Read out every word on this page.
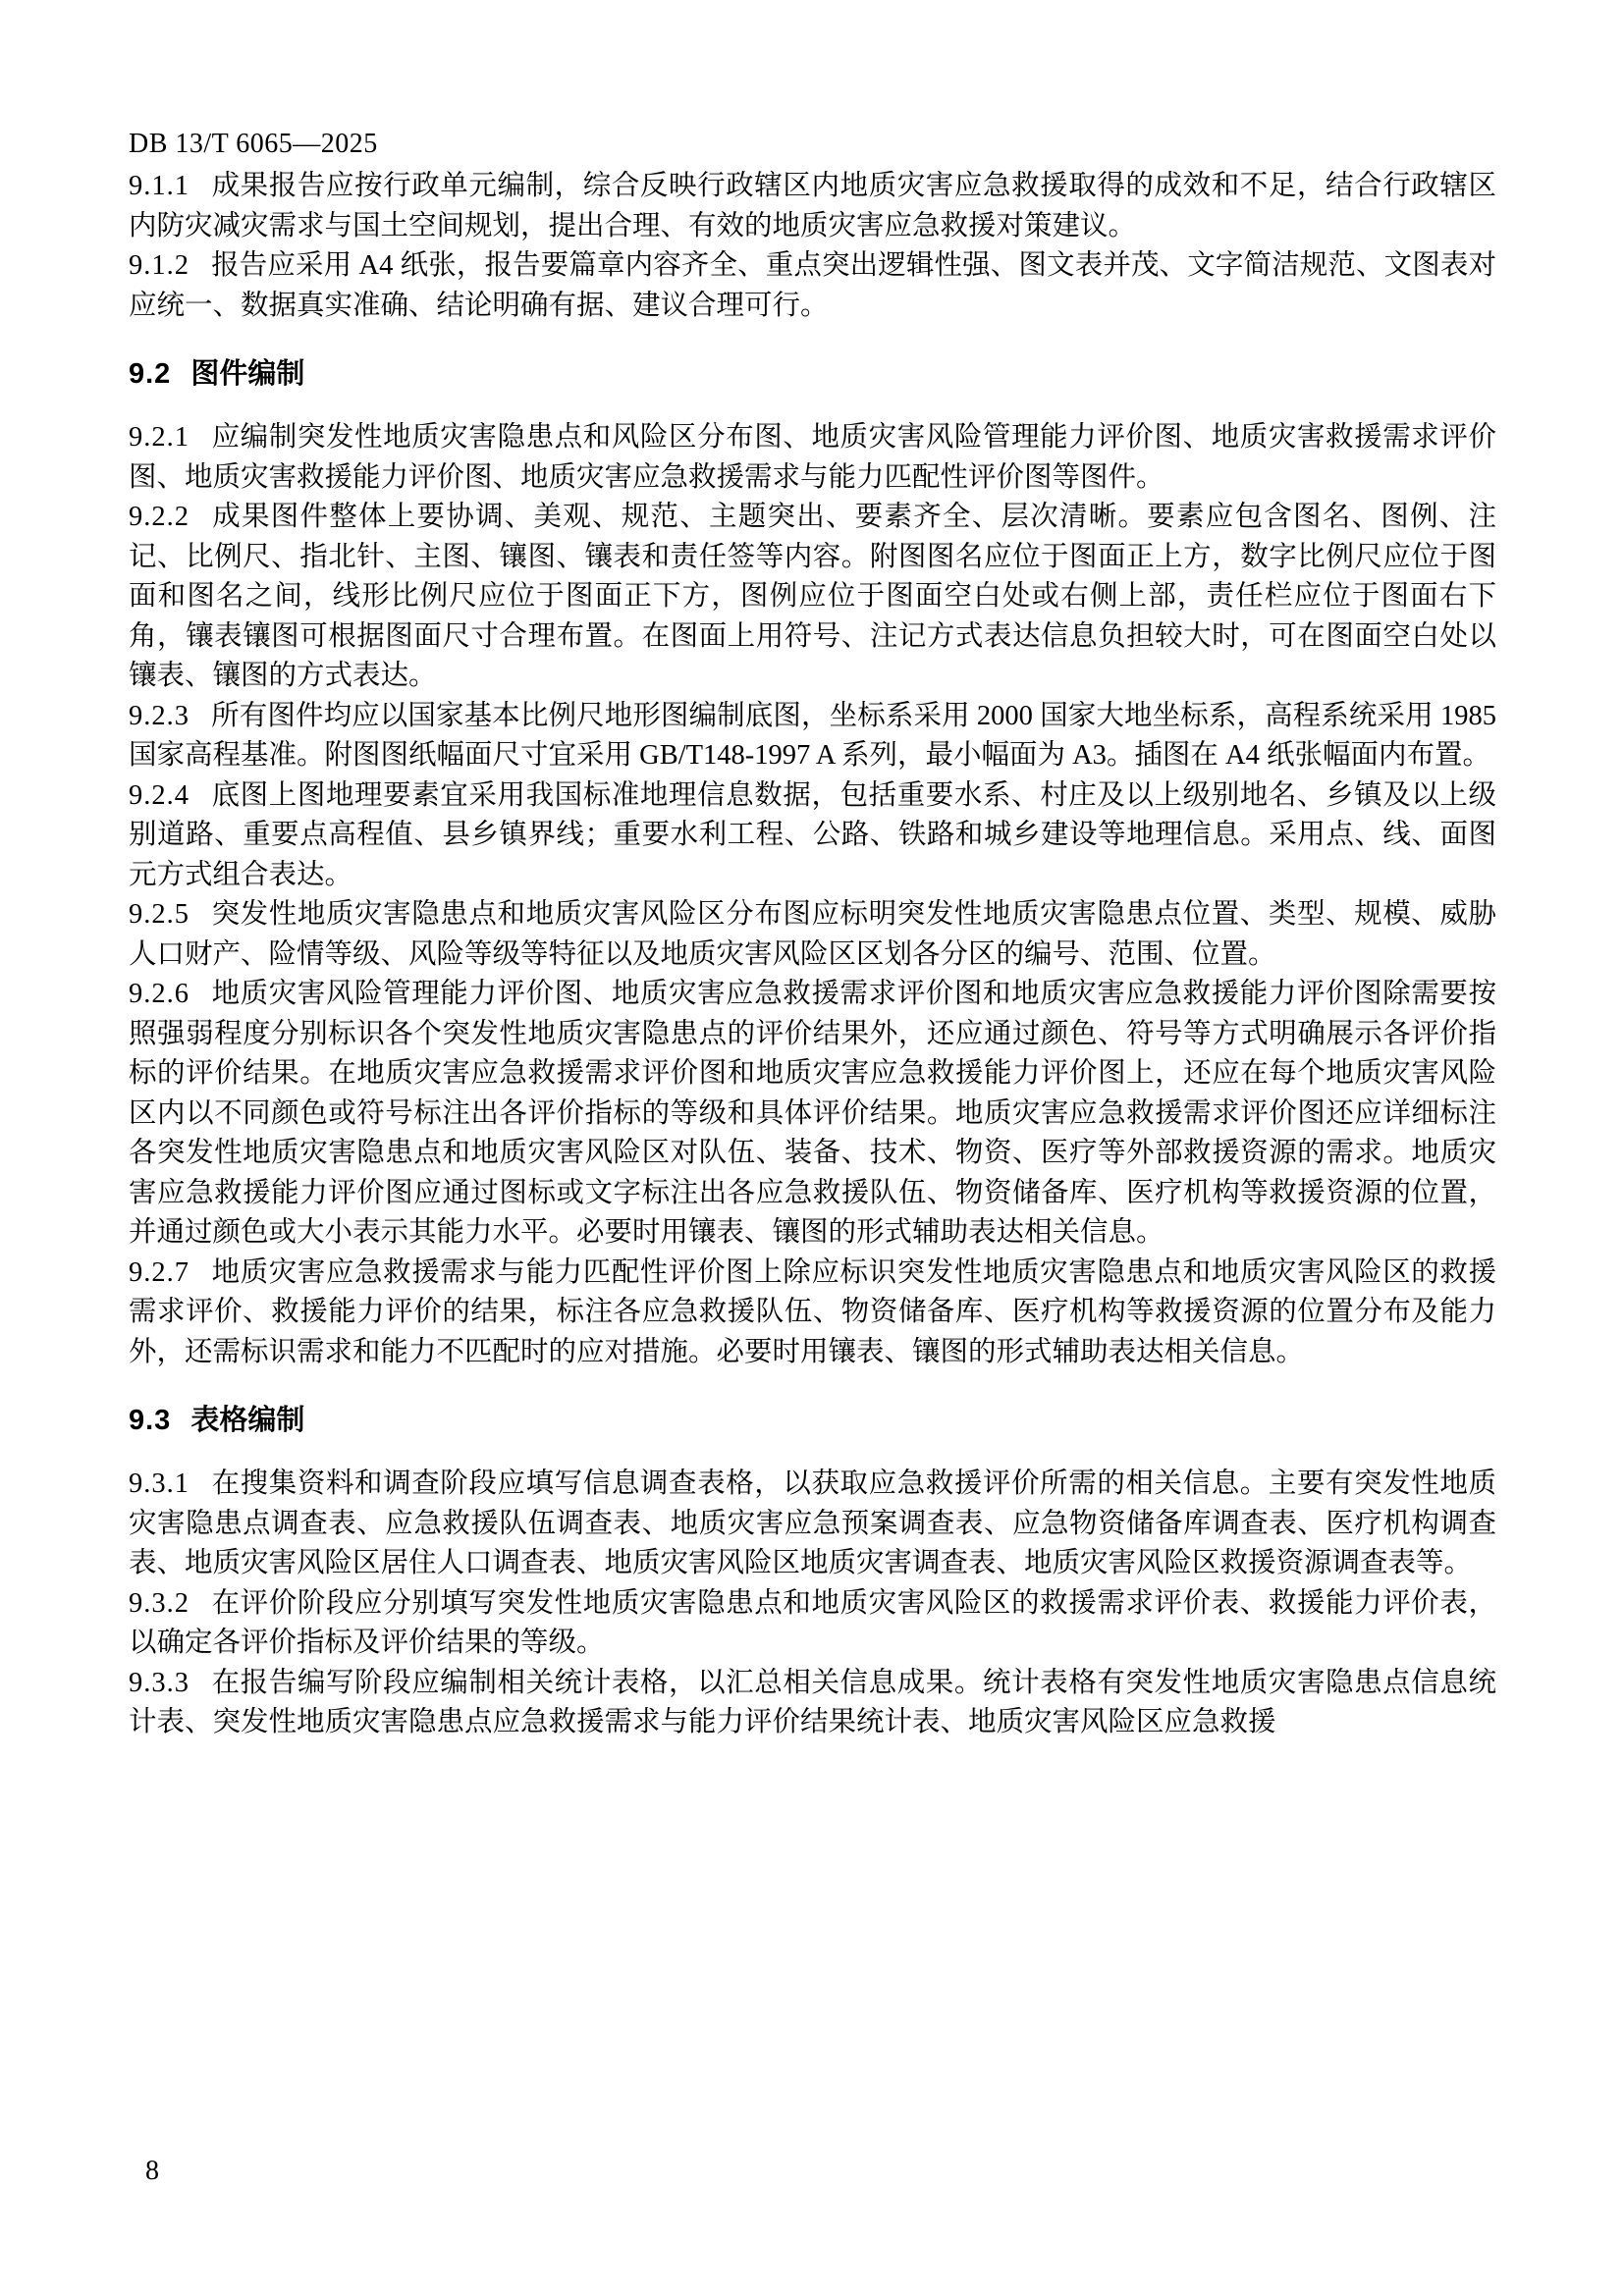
DB 13/T 6065—2025

9.1.1 成果报告应按行政单元编制，综合反映行政辖区内地质灾害应急救援取得的成效和不足，结合行政辖区内防灾减灾需求与国土空间规划，提出合理、有效的地质灾害应急救援对策建议。

9.1.2 报告应采用 A4 纸张，报告要篇章内容齐全、重点突出逻辑性强、图文表并茂、文字简洁规范、文图表对应统一、数据真实准确、结论明确有据、建议合理可行。

9.2 图件编制

9.2.1 应编制突发性地质灾害隐患点和风险区分布图、地质灾害风险管理能力评价图、地质灾害救援需求评价图、地质灾害救援能力评价图、地质灾害应急救援需求与能力匹配性评价图等图件。

9.2.2 成果图件整体上要协调、美观、规范、主题突出、要素齐全、层次清晰。要素应包含图名、图例、注记、比例尺、指北针、主图、镶图、镶表和责任签等内容。附图图名应位于图面正上方，数字比例尺应位于图面和图名之间，线形比例尺应位于图面正下方，图例应位于图面空白处或右侧上部，责任栏应位于图面右下角，镶表镶图可根据图面尺寸合理布置。在图面上用符号、注记方式表达信息负担较大时，可在图面空白处以镶表、镶图的方式表达。

9.2.3 所有图件均应以国家基本比例尺地形图编制底图，坐标系采用 2000 国家大地坐标系，高程系统采用 1985 国家高程基准。附图图纸幅面尺寸宜采用 GB/T148-1997 A 系列，最小幅面为 A3。插图在 A4 纸张幅面内布置。

9.2.4 底图上图地理要素宜采用我国标准地理信息数据，包括重要水系、村庄及以上级别地名、乡镇及以上级别道路、重要点高程值、县乡镇界线；重要水利工程、公路、铁路和城乡建设等地理信息。采用点、线、面图元方式组合表达。

9.2.5 突发性地质灾害隐患点和地质灾害风险区分布图应标明突发性地质灾害隐患点位置、类型、规模、威胁人口财产、险情等级、风险等级等特征以及地质灾害风险区区划各分区的编号、范围、位置。

9.2.6 地质灾害风险管理能力评价图、地质灾害应急救援需求评价图和地质灾害应急救援能力评价图除需要按照强弱程度分别标识各个突发性地质灾害隐患点的评价结果外，还应通过颜色、符号等方式明确展示各评价指标的评价结果。在地质灾害应急救援需求评价图和地质灾害应急救援能力评价图上，还应在每个地质灾害风险区内以不同颜色或符号标注出各评价指标的等级和具体评价结果。地质灾害应急救援需求评价图还应详细标注各突发性地质灾害隐患点和地质灾害风险区对队伍、装备、技术、物资、医疗等外部救援资源的需求。地质灾害应急救援能力评价图应通过图标或文字标注出各应急救援队伍、物资储备库、医疗机构等救援资源的位置，并通过颜色或大小表示其能力水平。必要时用镶表、镶图的形式辅助表达相关信息。

9.2.7 地质灾害应急救援需求与能力匹配性评价图上除应标识突发性地质灾害隐患点和地质灾害风险区的救援需求评价、救援能力评价的结果，标注各应急救援队伍、物资储备库、医疗机构等救援资源的位置分布及能力外，还需标识需求和能力不匹配时的应对措施。必要时用镶表、镶图的形式辅助表达相关信息。

9.3 表格编制

9.3.1 在搜集资料和调查阶段应填写信息调查表格，以获取应急救援评价所需的相关信息。主要有突发性地质灾害隐患点调查表、应急救援队伍调查表、地质灾害应急预案调查表、应急物资储备库调查表、医疗机构调查表、地质灾害风险区居住人口调查表、地质灾害风险区地质灾害调查表、地质灾害风险区救援资源调查表等。

9.3.2 在评价阶段应分别填写突发性地质灾害隐患点和地质灾害风险区的救援需求评价表、救援能力评价表，以确定各评价指标及评价结果的等级。

9.3.3 在报告编写阶段应编制相关统计表格，以汇总相关信息成果。统计表格有突发性地质灾害隐患点信息统计表、突发性地质灾害隐患点应急救援需求与能力评价结果统计表、地质灾害风险区应急救援

8
